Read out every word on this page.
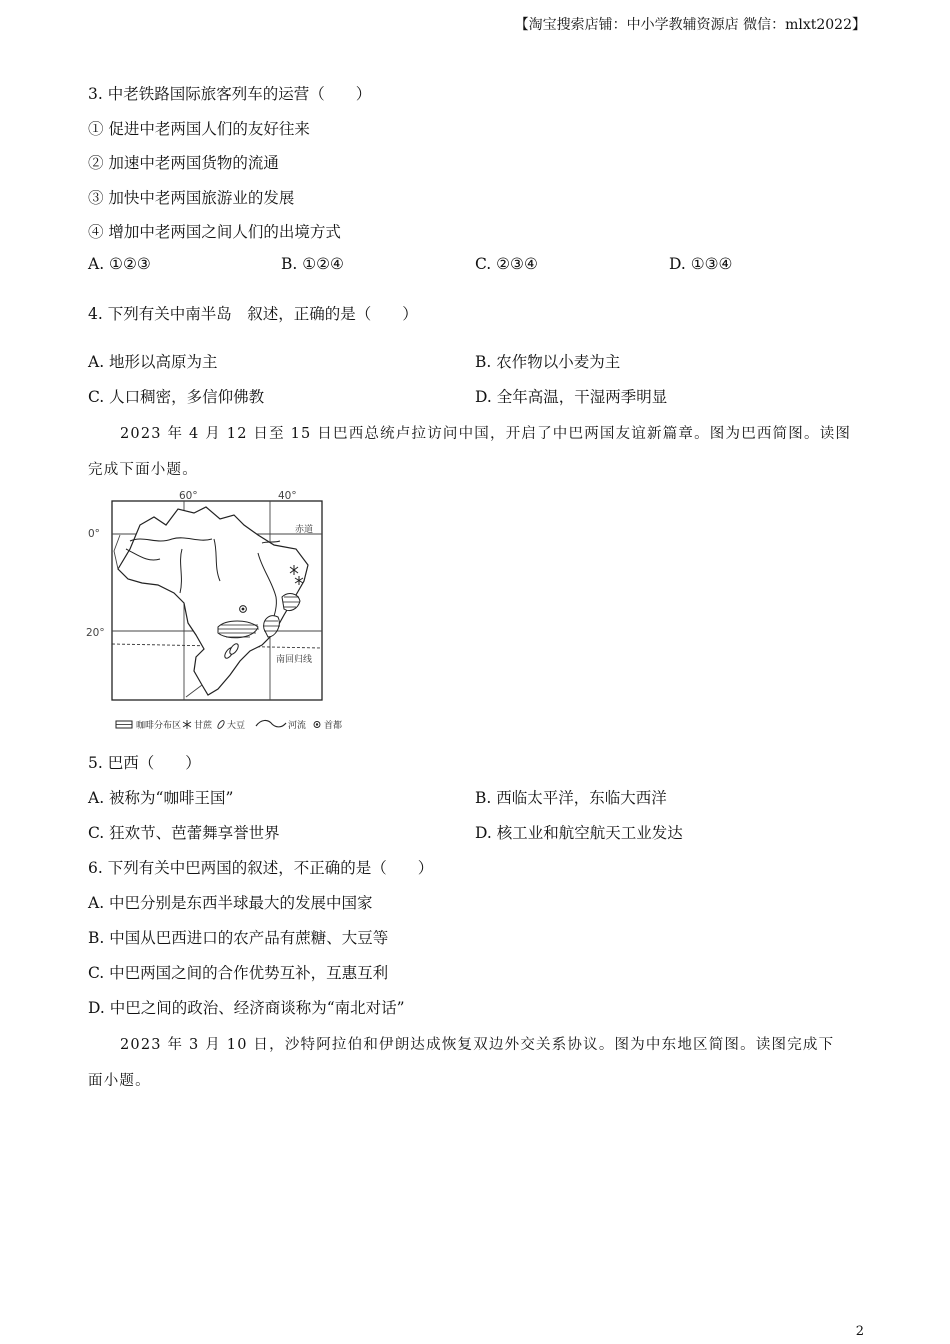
【淘宝搜索店铺：中小学教辅资源店 微信：mlxt2022】
3. 中老铁路国际旅客列车的运营（　　）
① 促进中老两国人们的友好往来
② 加速中老两国货物的流通
③ 加快中老两国旅游业的发展
④ 增加中老两国之间人们的出境方式
A. ①②③	B. ①②④	C. ②③④	D. ①③④
4. 下列有关中南半岛　叙述，正确的是（　　）
A. 地形以高原为主	B. 农作物以小麦为主
C. 人口稠密，多信仰佛教	D. 全年高温，干湿两季明显
2023 年 4 月 12 日至 15 日巴西总统卢拉访问中国，开启了中巴两国友谊新篇章。图为巴西简图。读图
完成下面小题。
60°	40°
0°
20°
赤道
南回归线
咖啡分布区 甘蔗 大豆	河流 首都
5. 巴西（　　）
A. 被称为“咖啡王国”	B. 西临太平洋，东临大西洋
C. 狂欢节、芭蕾舞享誉世界	D. 核工业和航空航天工业发达
6. 下列有关中巴两国的叙述，不正确的是（　　）
A. 中巴分别是东西半球最大的发展中国家
B. 中国从巴西进口的农产品有蔗糖、大豆等
C. 中巴两国之间的合作优势互补，互惠互利
D. 中巴之间的政治、经济商谈称为“南北对话”
2023 年 3 月 10 日，沙特阿拉伯和伊朗达成恢复双边外交关系协议。图为中东地区简图。读图完成下
面小题。
2
